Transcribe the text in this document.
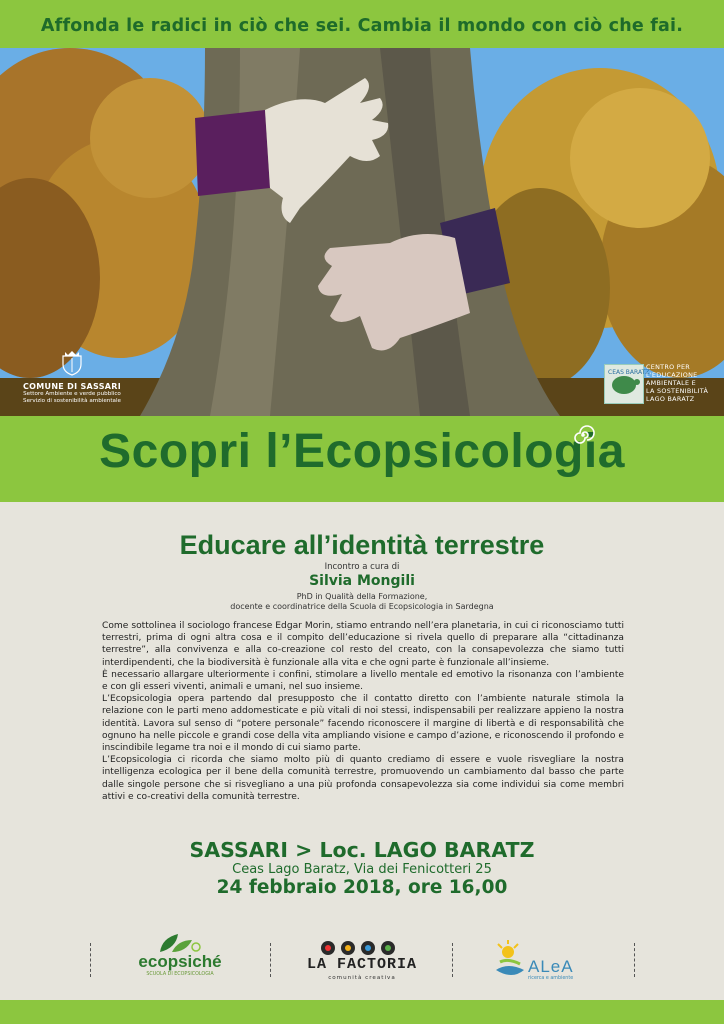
Affonda le radici in ciò che sei. Cambia il mondo con ciò che fai.
COMUNE DI SASSARI
Settore Ambiente e verde pubblico
Servizio di sostenibilità ambientale
CEAS BARATZ
CENTRO PER
L'EDUCAZIONE
AMBIENTALE E
LA SOSTENIBILITÀ
LAGO BARATZ
Scopri l’Ecopsicologia
Educare all’identità terrestre
Incontro a cura di
Silvia Mongili
PhD in Qualità della Formazione,
docente e coordinatrice della Scuola di Ecopsicologia in Sardegna

Come sottolinea il sociologo francese Edgar Morin, stiamo entrando nell’era planetaria, in cui ci riconosciamo tutti terrestri, prima di ogni altra cosa e il compito dell’educazione si rivela quello di preparare alla “cittadinanza terrestre”, alla convivenza e alla co-creazione col resto del creato, con la consapevolezza che siamo tutti interdipendenti, che la biodiversità è funzionale alla vita e che ogni parte è funzionale all’insieme.

È necessario allargare ulteriormente i confini, stimolare a livello mentale ed emotivo la risonanza con l’ambiente e con gli esseri viventi, animali e umani, nel suo insieme.

L’Ecopsicologia opera partendo dal presupposto che il contatto diretto con l’ambiente naturale stimola la relazione con le parti meno addomesticate e più vitali di noi stessi, indispensabili per realizzare appieno la nostra identità. Lavora sul senso di “potere personale” facendo riconoscere il margine di libertà e di responsabilità che ognuno ha nelle piccole e grandi cose della vita ampliando visione e campo d’azione, e riconoscendo il profondo e inscindibile legame tra noi e il mondo di cui siamo parte.

L’Ecopsicologia ci ricorda che siamo molto più di quanto crediamo di essere e vuole risvegliare la nostra intelligenza ecologica per il bene della comunità terrestre, promuovendo un cambiamento dal basso che parte dalle singole persone che si risvegliano a una più profonda consapevolezza sia come individui sia come membri attivi e co-creativi della comunità terrestre.

SASSARI > Loc. LAGO BARATZ
Ceas Lago Baratz, Via dei Fenicotteri 25
24 febbraio 2018, ore 16,00
ecopsiché
SCUOLA DI ECOPSICOLOGIA
LA FACTORIA
comunità creativa
ALeA
ricerca e ambiente
